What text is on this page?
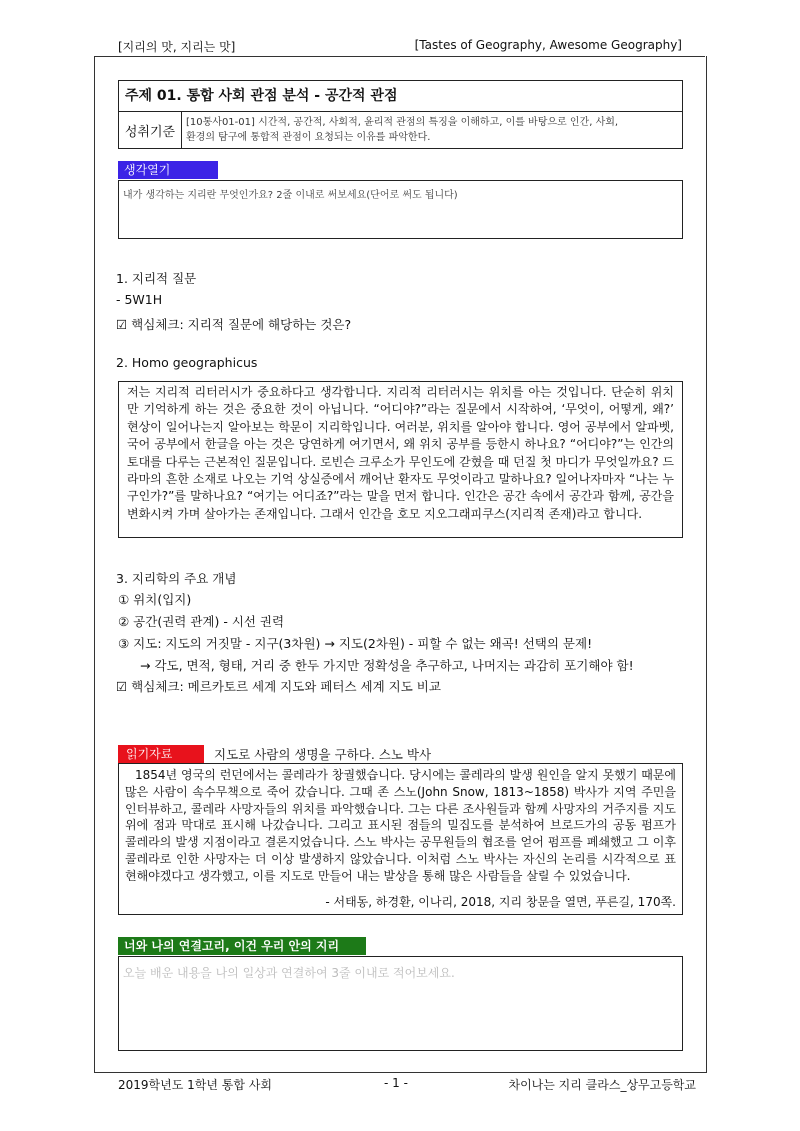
[지리의 맛, 지리는 맛]	[Tastes of Geography, Awesome Geography]
주제 01. 통합 사회 관점 분석 - 공간적 관점
성취기준
[10통사01-01] 시간적, 공간적, 사회적, 윤리적 관점의 특징을 이해하고, 이를 바탕으로 인간, 사회,
환경의 탐구에 통합적 관점이 요청되는 이유를 파악한다.
생각열기
내가 생각하는 지리란 무엇인가요? 2줄 이내로 써보세요(단어로 써도 됩니다)
1. 지리적 질문
- 5W1H
☑ 핵심체크: 지리적 질문에 해당하는 것은?
2. Homo geographicus
저는 지리적 리터러시가 중요하다고 생각합니다. 지리적 리터러시는 위치를 아는 것입니다. 단순히 위치만 기억하게 하는 것은 중요한 것이 아닙니다. “어디야?”라는 질문에서 시작하여, ‘무엇이, 어떻게, 왜?’ 현상이 일어나는지 알아보는 학문이 지리학입니다. 여러분, 위치를 알아야 합니다. 영어 공부에서 알파벳, 국어 공부에서 한글을 아는 것은 당연하게 여기면서, 왜 위치 공부를 등한시 하나요? “어디야?”는 인간의 토대를 다루는 근본적인 질문입니다. 로빈슨 크루소가 무인도에 갇혔을 때 던질 첫 마디가 무엇일까요? 드라마의 흔한 소재로 나오는 기억 상실증에서 깨어난 환자도 무엇이라고 말하나요? 일어나자마자 “나는 누구인가?”를 말하나요? “여기는 어디죠?”라는 말을 먼저 합니다. 인간은 공간 속에서 공간과 함께, 공간을 변화시켜 가며 살아가는 존재입니다. 그래서 인간을 호모 지오그래피쿠스(지리적 존재)라고 합니다.
3. 지리학의 주요 개념
① 위치(입지)
② 공간(권력 관계) - 시선 권력
③ 지도: 지도의 거짓말 - 지구(3차원) → 지도(2차원) - 피할 수 없는 왜곡! 선택의 문제!
→ 각도, 면적, 형태, 거리 중 한두 가지만 정확성을 추구하고, 나머지는 과감히 포기해야 함!
☑ 핵심체크: 메르카토르 세계 지도와 페터스 세계 지도 비교
읽기자료	지도로 사람의 생명을 구하다. 스노 박사
1854년 영국의 런던에서는 콜레라가 창궐했습니다. 당시에는 콜레라의 발생 원인을 알지 못했기 때문에 많은 사람이 속수무책으로 죽어 갔습니다. 그때 존 스노(John Snow, 1813~1858) 박사가 지역 주민을 인터뷰하고, 콜레라 사망자들의 위치를 파악했습니다. 그는 다른 조사원들과 함께 사망자의 거주지를 지도 위에 점과 막대로 표시해 나갔습니다. 그리고 표시된 점들의 밀집도를 분석하여 브로드가의 공동 펌프가 콜레라의 발생 지점이라고 결론지었습니다. 스노 박사는 공무원들의 협조를 얻어 펌프를 폐쇄했고 그 이후 콜레라로 인한 사망자는 더 이상 발생하지 않았습니다. 이처럼 스노 박사는 자신의 논리를 시각적으로 표현해야겠다고 생각했고, 이를 지도로 만들어 내는 발상을 통해 많은 사람들을 살릴 수 있었습니다.
- 서태동, 하경환, 이나리, 2018, 지리 창문을 열면, 푸른길, 170쪽.
너와 나의 연결고리, 이건 우리 안의 지리
오늘 배운 내용을 나의 일상과 연결하여 3줄 이내로 적어보세요.
2019학년도 1학년 통합 사회	- 1 -	차이나는 지리 클라스_상무고등학교
